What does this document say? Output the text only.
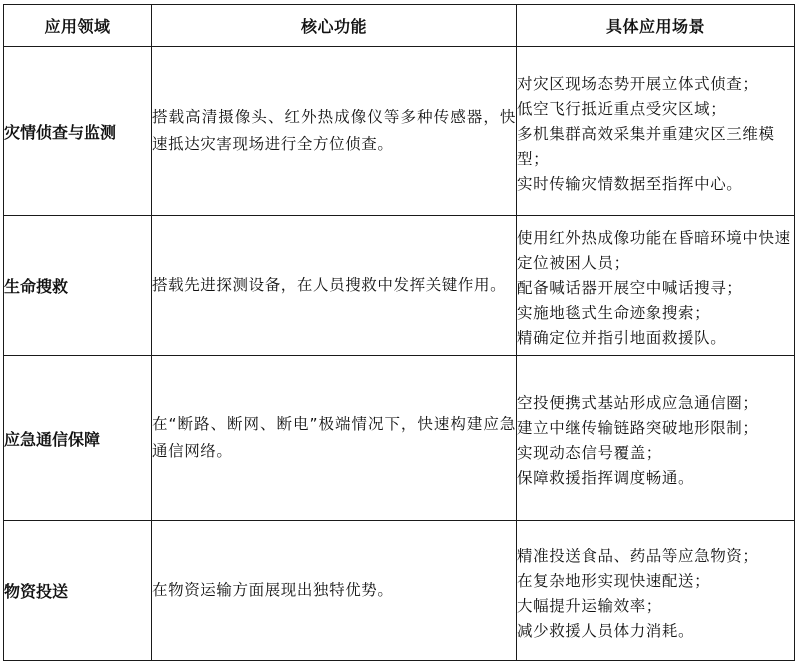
应用领域	核心功能	具体应用场景
灾情侦查与监测	搭载高清摄像头、红外热成像仪等多种传感器，快速抵达灾害现场进行全方位侦查。	对灾区现场态势开展立体式侦查；
低空飞行抵近重点受灾区域；
多机集群高效采集并重建灾区三维模型；
实时传输灾情数据至指挥中心。

生命搜救	搭载先进探测设备，在人员搜救中发挥关键作用。	使用红外热成像功能在昏暗环境中快速定位被困人员；
配备喊话器开展空中喊话搜寻；
实施地毯式生命迹象搜索；
精确定位并指引地面救援队。

应急通信保障	在“断路、断网、断电”极端情况下，快速构建应急通信网络。	空投便携式基站形成应急通信圈；
建立中继传输链路突破地形限制；
实现动态信号覆盖；
保障救援指挥调度畅通。

物资投送	在物资运输方面展现出独特优势。	精准投送食品、药品等应急物资；
在复杂地形实现快速配送；
大幅提升运输效率；
减少救援人员体力消耗。
